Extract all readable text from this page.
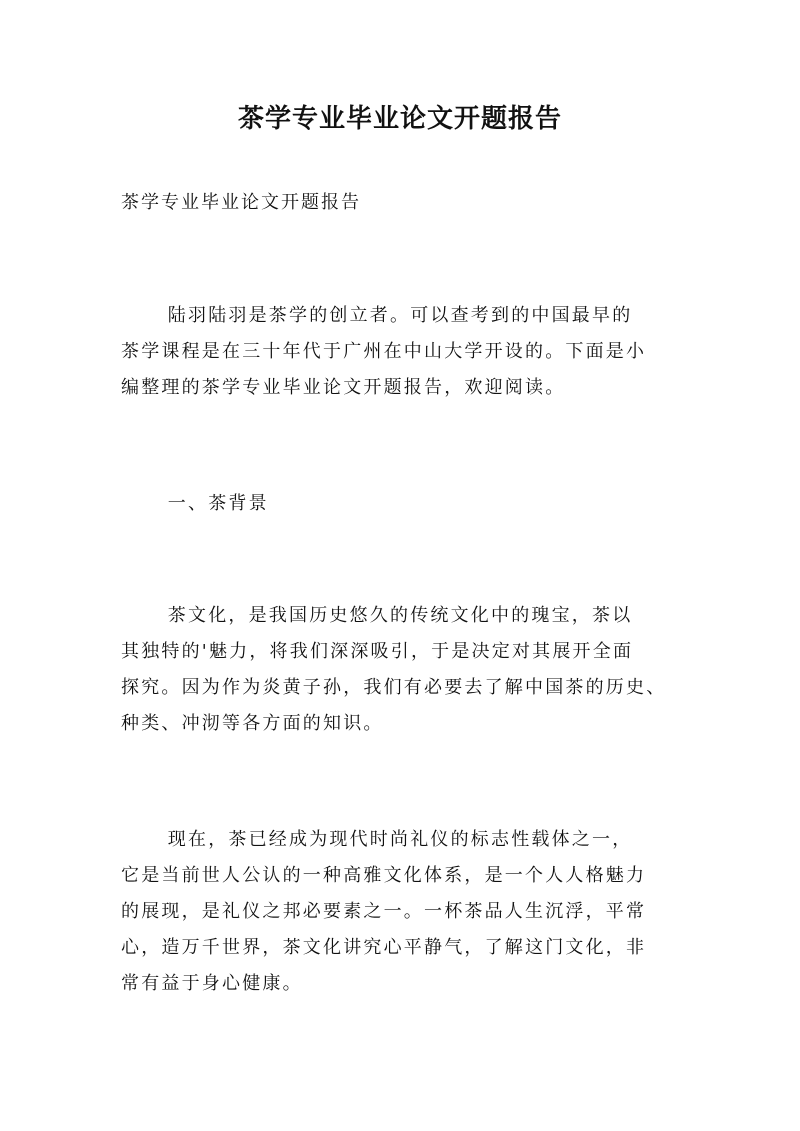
茶学专业毕业论文开题报告

茶学专业毕业论文开题报告

陆羽陆羽是茶学的创立者。可以查考到的中国最早的
茶学课程是在三十年代于广州在中山大学开设的。下面是小
编整理的茶学专业毕业论文开题报告，欢迎阅读。

一、茶背景

茶文化，是我国历史悠久的传统文化中的瑰宝，茶以
其独特的'魅力，将我们深深吸引，于是决定对其展开全面
探究。因为作为炎黄子孙，我们有必要去了解中国茶的历史、
种类、冲沏等各方面的知识。

现在，茶已经成为现代时尚礼仪的标志性载体之一，
它是当前世人公认的一种高雅文化体系，是一个人人格魅力
的展现，是礼仪之邦必要素之一。一杯茶品人生沉浮，平常
心，造万千世界，茶文化讲究心平静气，了解这门文化，非
常有益于身心健康。
